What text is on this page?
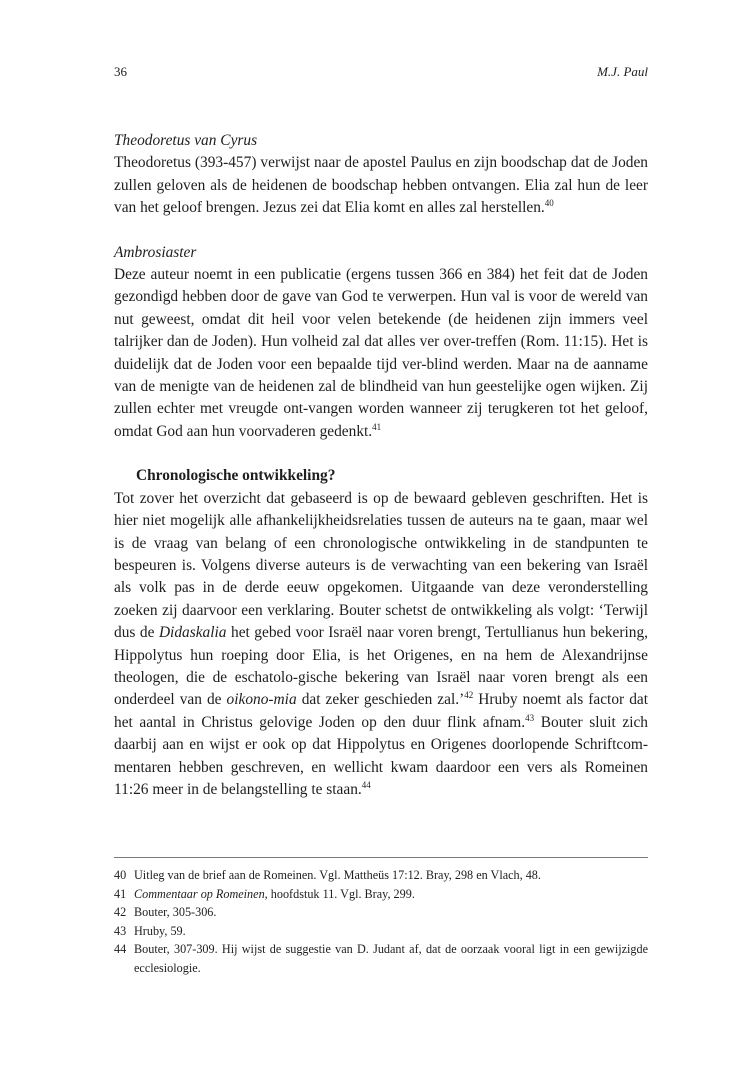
36	M.J. Paul

Theodoretus van Cyrus

Theodoretus (393-457) verwijst naar de apostel Paulus en zijn boodschap dat de Joden zullen geloven als de heidenen de boodschap hebben ontvangen. Elia zal hun de leer van het geloof brengen. Jezus zei dat Elia komt en alles zal herstellen.$^{40}$

Ambrosiaster

Deze auteur noemt in een publicatie (ergens tussen 366 en 384) het feit dat de Joden gezondigd hebben door de gave van God te verwerpen. Hun val is voor de wereld van nut geweest, omdat dit heil voor velen betekende (de heidenen zijn immers veel talrijker dan de Joden). Hun volheid zal dat alles ver over-treffen (Rom. 11:15). Het is duidelijk dat de Joden voor een bepaalde tijd ver-blind werden. Maar na de aanname van de menigte van de heidenen zal de blindheid van hun geestelijke ogen wijken. Zij zullen echter met vreugde ont-vangen worden wanneer zij terugkeren tot het geloof, omdat God aan hun voorvaderen gedenkt.$^{41}$

Chronologische ontwikkeling?

Tot zover het overzicht dat gebaseerd is op de bewaard gebleven geschriften. Het is hier niet mogelijk alle afhankelijkheidsrelaties tussen de auteurs na te gaan, maar wel is de vraag van belang of een chronologische ontwikkeling in de standpunten te bespeuren is. Volgens diverse auteurs is de verwachting van een bekering van Israël als volk pas in de derde eeuw opgekomen. Uitgaande van deze veronderstelling zoeken zij daarvoor een verklaring. Bouter schetst de ontwikkeling als volgt: ‘Terwijl dus de Didaskalia het gebed voor Israël naar voren brengt, Tertullianus hun bekering, Hippolytus hun roeping door Elia, is het Origenes, en na hem de Alexandrijnse theologen, die de eschatolo-gische bekering van Israël naar voren brengt als een onderdeel van de oikono-mia dat zeker geschieden zal.’$^{42}$ Hruby noemt als factor dat het aantal in Christus gelovige Joden op den duur flink afnam.$^{43}$ Bouter sluit zich daarbij aan en wijst er ook op dat Hippolytus en Origenes doorlopende Schriftcom-mentaren hebben geschreven, en wellicht kwam daardoor een vers als Romeinen 11:26 meer in de belangstelling te staan.$^{44}$

40 Uitleg van de brief aan de Romeinen. Vgl. Mattheüs 17:12. Bray, 298 en Vlach, 48.

41 Commentaar op Romeinen, hoofdstuk 11. Vgl. Bray, 299.

42 Bouter, 305-306.

43 Hruby, 59.

44 Bouter, 307-309. Hij wijst de suggestie van D. Judant af, dat de oorzaak vooral ligt in een gewijzigde ecclesiologie.
